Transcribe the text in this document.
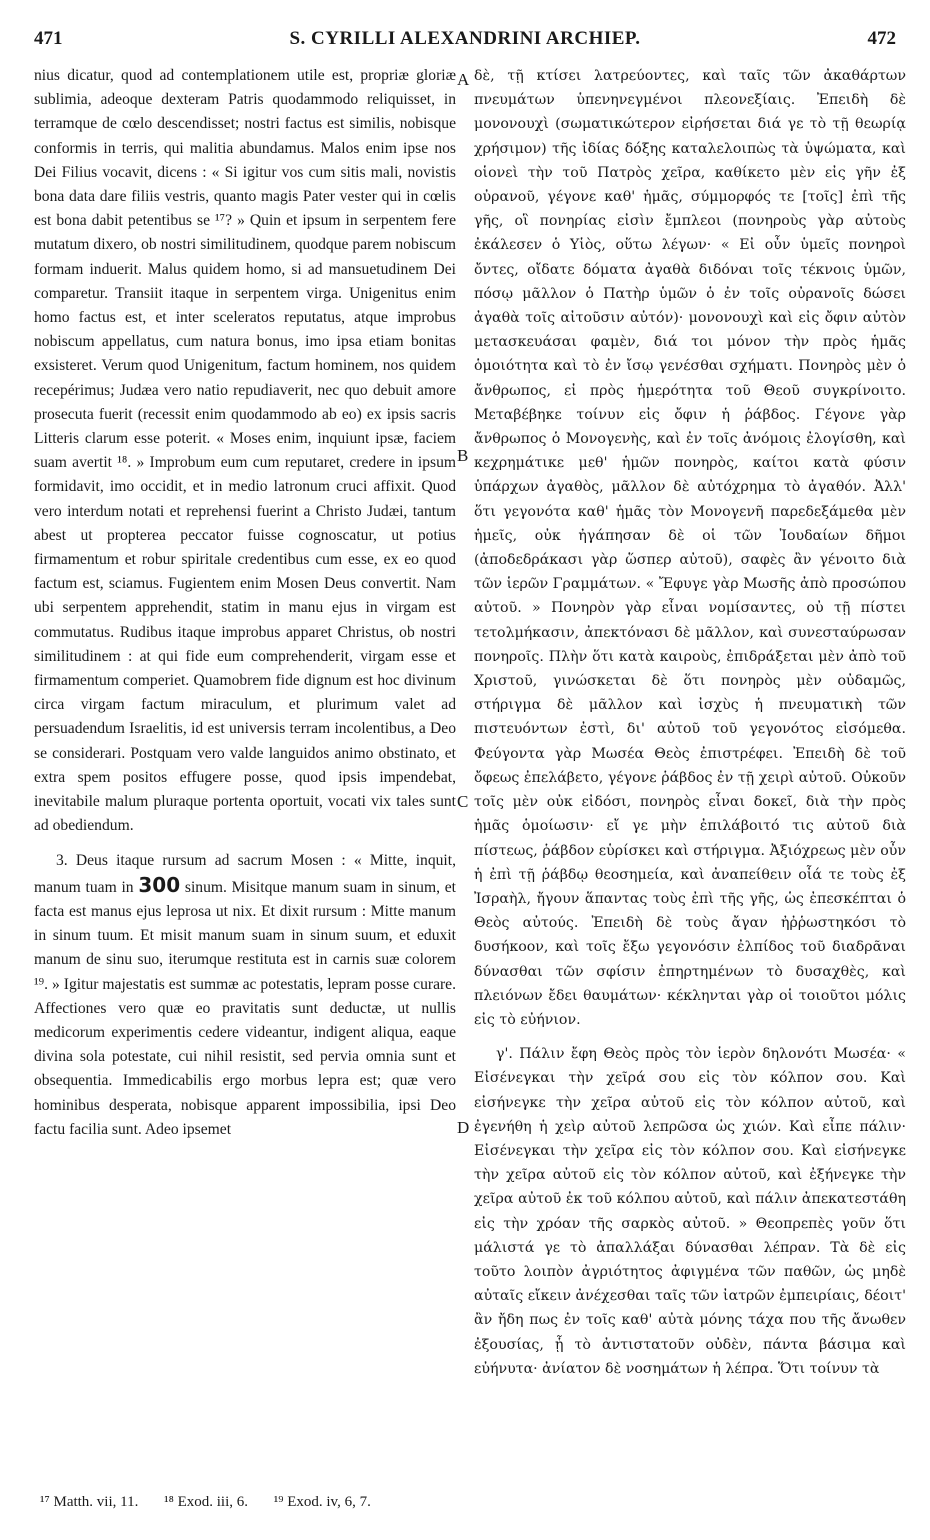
471	S. CYRILLI ALEXANDRINI ARCHIEP.	472

nius dicatur, quod ad contemplationem utile est, propriæ gloriæ sublimia, adeoque dexteram Patris quodammodo reliquisset, in terramque de cœlo descendisset; nostri factus est similis, nobisque conformis in terris, qui malitia abundamus. Malos enim ipse nos Dei Filius vocavit, dicens : « Si igitur vos cum sitis mali, novistis bona data dare filiis vestris, quanto magis Pater vester qui in cœlis est bona dabit petentibus se ¹⁷? » Quin et ipsum in serpentem fere mutatum dixero, ob nostri similitudinem, quodque parem nobiscum formam induerit. Malus quidem homo, si ad mansuetudinem Dei comparetur. Transiit itaque in serpentem virga. Unigenitus enim homo factus est, et inter sceleratos reputatus, atque improbus nobiscum appellatus, cum natura bonus, imo ipsa etiam bonitas exsisteret. Verum quod Unigenitum, factum hominem, nos quidem recepérimus; Judæa vero natio repudiaverit, nec quo debuit amore prosecuta fuerit (recessit enim quodammodo ab eo) ex ipsis sacris Litteris clarum esse poterit. « Moses enim, inquiunt ipsæ, faciem suam avertit ¹⁸. » Improbum eum cum reputaret, credere in ipsum formidavit, imo occidit, et in medio latronum cruci affixit. Quod vero interdum notati et reprehensi fuerint a Christo Judæi, tantum abest ut propterea peccator fuisse cognoscatur, ut potius firmamentum et robur spiritale credentibus cum esse, ex eo quod factum est, sciamus. Fugientem enim Mosen Deus convertit. Nam ubi serpentem apprehendit, statim in manu ejus in virgam est commutatus. Rudibus itaque improbus apparet Christus, ob nostri similitudinem : at qui fide eum comprehenderit, virgam esse et firmamentum comperiet. Quamobrem fide dignum est hoc divinum circa virgam factum miraculum, et plurimum valet ad persuadendum Israelitis, id est universis terram incolentibus, a Deo se considerari. Postquam vero valde languidos animo obstinato, et extra spem positos effugere posse, quod ipsis impendebat, inevitabile malum pluraque portenta oportuit, vocati vix tales sunt ad obediendum.

3. Deus itaque rursum ad sacrum Mosen : « Mitte, inquit, manum tuam in 300 sinum. Misitque manum suam in sinum, et facta est manus ejus leprosa ut nix. Et dixit rursum : Mitte manum in sinum tuum. Et misit manum suam in sinum suum, et eduxit manum de sinu suo, iterumque restituta est in carnis suæ colorem ¹⁹. » Igitur majestatis est summæ ac potestatis, lepram posse curare. Affectiones vero quæ eo pravitatis sunt deductæ, ut nullis medicorum experimentis cedere videantur, indigent aliqua, eaque divina sola potestate, cui nihil resistit, sed pervia omnia sunt et obsequentia. Immedicabilis ergo morbus lepra est; quæ vero hominibus desperata, nobisque apparent impossibilia, ipsi Deo factu facilia sunt. Adeo ipsemet

A
B
C
D

δὲ, τῇ κτίσει λατρεύοντες, καὶ ταῖς τῶν ἀκαθάρτων πνευμάτων ὑπενηνεγμένοι πλεονεξίαις. Ἐπειδὴ δὲ μονονουχὶ (σωματικώτερον εἰρήσεται διά γε τὸ τῇ θεωρίᾳ χρήσιμον) τῆς ἰδίας δόξης καταλελοιπὼς τὰ ὑψώματα, καὶ οἱονεὶ τὴν τοῦ Πατρὸς χεῖρα, καθίκετο μὲν εἰς γῆν ἐξ οὐρανοῦ, γέγονε καθ' ἡμᾶς, σύμμορφός τε [τοῖς] ἐπὶ τῆς γῆς, οἳ πονηρίας εἰσὶν ἔμπλεοι (πονηροὺς γὰρ αὐτοὺς ἐκάλεσεν ὁ Υἱὸς, οὕτω λέγων· « Εἰ οὖν ὑμεῖς πονηροὶ ὄντες, οἴδατε δόματα ἀγαθὰ διδόναι τοῖς τέκνοις ὑμῶν, πόσῳ μᾶλλον ὁ Πατὴρ ὑμῶν ὁ ἐν τοῖς οὐρανοῖς δώσει ἀγαθὰ τοῖς αἰτοῦσιν αὐτόν)· μονονουχὶ καὶ εἰς ὄφιν αὐτὸν μετασκευάσαι φαμὲν, διά τοι μόνον τὴν πρὸς ἡμᾶς ὁμοιότητα καὶ τὸ ἐν ἴσῳ γενέσθαι σχήματι. Πονηρὸς μὲν ὁ ἄνθρωπος, εἰ πρὸς ἡμερότητα τοῦ Θεοῦ συγκρίνοιτο. Μεταβέβηκε τοίνυν εἰς ὄφιν ἡ ῥάβδος. Γέγονε γὰρ ἄνθρωπος ὁ Μονογενὴς, καὶ ἐν τοῖς ἀνόμοις ἐλογίσθη, καὶ κεχρημάτικε μεθ' ἡμῶν πονηρὸς, καίτοι κατὰ φύσιν ὑπάρχων ἀγαθὸς, μᾶλλον δὲ αὐτόχρημα τὸ ἀγαθόν. Ἀλλ' ὅτι γεγονότα καθ' ἡμᾶς τὸν Μονογενῆ παρεδεξάμεθα μὲν ἡμεῖς, οὐκ ἠγάπησαν δὲ οἱ τῶν Ἰουδαίων δῆμοι (ἀποδεδράκασι γὰρ ὥσπερ αὐτοῦ), σαφὲς ἂν γένοιτο διὰ τῶν ἱερῶν Γραμμάτων. « Ἔφυγε γὰρ Μωσῆς ἀπὸ προσώπου αὐτοῦ. » Πονηρὸν γὰρ εἶναι νομίσαντες, οὐ τῇ πίστει τετολμήκασιν, ἀπεκτόνασι δὲ μᾶλλον, καὶ συνεσταύρωσαν πονηροῖς. Πλὴν ὅτι κατὰ καιροὺς, ἐπιδράξεται μὲν ἀπὸ τοῦ Χριστοῦ, γινώσκεται δὲ ὅτι πονηρὸς μὲν οὐδαμῶς, στήριγμα δὲ μᾶλλον καὶ ἰσχὺς ἡ πνευματικὴ τῶν πιστευόντων ἐστὶ, δι' αὐτοῦ τοῦ γεγονότος εἰσόμεθα. Φεύγοντα γὰρ Μωσέα Θεὸς ἐπιστρέφει. Ἐπειδὴ δὲ τοῦ ὄφεως ἐπελάβετο, γέγονε ῥάβδος ἐν τῇ χειρὶ αὐτοῦ. Οὐκοῦν τοῖς μὲν οὐκ εἰδόσι, πονηρὸς εἶναι δοκεῖ, διὰ τὴν πρὸς ἡμᾶς ὁμοίωσιν· εἴ γε μὴν ἐπιλάβοιτό τις αὐτοῦ διὰ πίστεως, ῥάβδον εὑρίσκει καὶ στήριγμα. Ἀξιόχρεως μὲν οὖν ἡ ἐπὶ τῇ ῥάβδῳ θεοσημεία, καὶ ἀναπείθειν οἷά τε τοὺς ἐξ Ἰσραὴλ, ἤγουν ἅπαντας τοὺς ἐπὶ τῆς γῆς, ὡς ἐπεσκέπται ὁ Θεὸς αὐτούς. Ἐπειδὴ δὲ τοὺς ἄγαν ἠῤῥωστηκόσι τὸ δυσήκοον, καὶ τοῖς ἔξω γεγονόσιν ἐλπίδος τοῦ διαδρᾶναι δύνασθαι τῶν σφίσιν ἐπηρτημένων τὸ δυσαχθὲς, καὶ πλειόνων ἔδει θαυμάτων· κέκληνται γὰρ οἱ τοιοῦτοι μόλις εἰς τὸ εὐήνιον.

γ'. Πάλιν ἔφη Θεὸς πρὸς τὸν ἱερὸν δηλονότι Μωσέα· « Εἰσένεγκαι τὴν χεῖρά σου εἰς τὸν κόλπον σου. Καὶ εἰσήνεγκε τὴν χεῖρα αὐτοῦ εἰς τὸν κόλπον αὐτοῦ, καὶ ἐγενήθη ἡ χεὶρ αὐτοῦ λεπρῶσα ὡς χιών. Καὶ εἶπε πάλιν· Εἰσένεγκαι τὴν χεῖρα εἰς τὸν κόλπον σου. Καὶ εἰσήνεγκε τὴν χεῖρα αὐτοῦ εἰς τὸν κόλπον αὐτοῦ, καὶ ἐξήνεγκε τὴν χεῖρα αὐτοῦ ἐκ τοῦ κόλπου αὐτοῦ, καὶ πάλιν ἀπεκατεστάθη εἰς τὴν χρόαν τῆς σαρκὸς αὐτοῦ. » Θεοπρεπὲς γοῦν ὅτι μάλιστά γε τὸ ἀπαλλάξαι δύνασθαι λέπραν. Τὰ δὲ εἰς τοῦτο λοιπὸν ἀγριότητος ἀφιγμένα τῶν παθῶν, ὡς μηδὲ αὐταῖς εἴκειν ἀνέχεσθαι ταῖς τῶν ἰατρῶν ἐμπειρίαις, δέοιτ' ἂν ἤδη πως ἐν τοῖς καθ' αὐτὰ μόνης τάχα που τῆς ἄνωθεν ἐξουσίας, ᾗ τὸ ἀντιστατοῦν οὐδὲν, πάντα βάσιμα καὶ εὐήνυτα· ἀνίατον δὲ νοσημάτων ἡ λέπρα. Ὅτι τοίνυν τὰ

¹⁷ Matth. vii, 11. ¹⁸ Exod. iii, 6. ¹⁹ Exod. iv, 6, 7.
